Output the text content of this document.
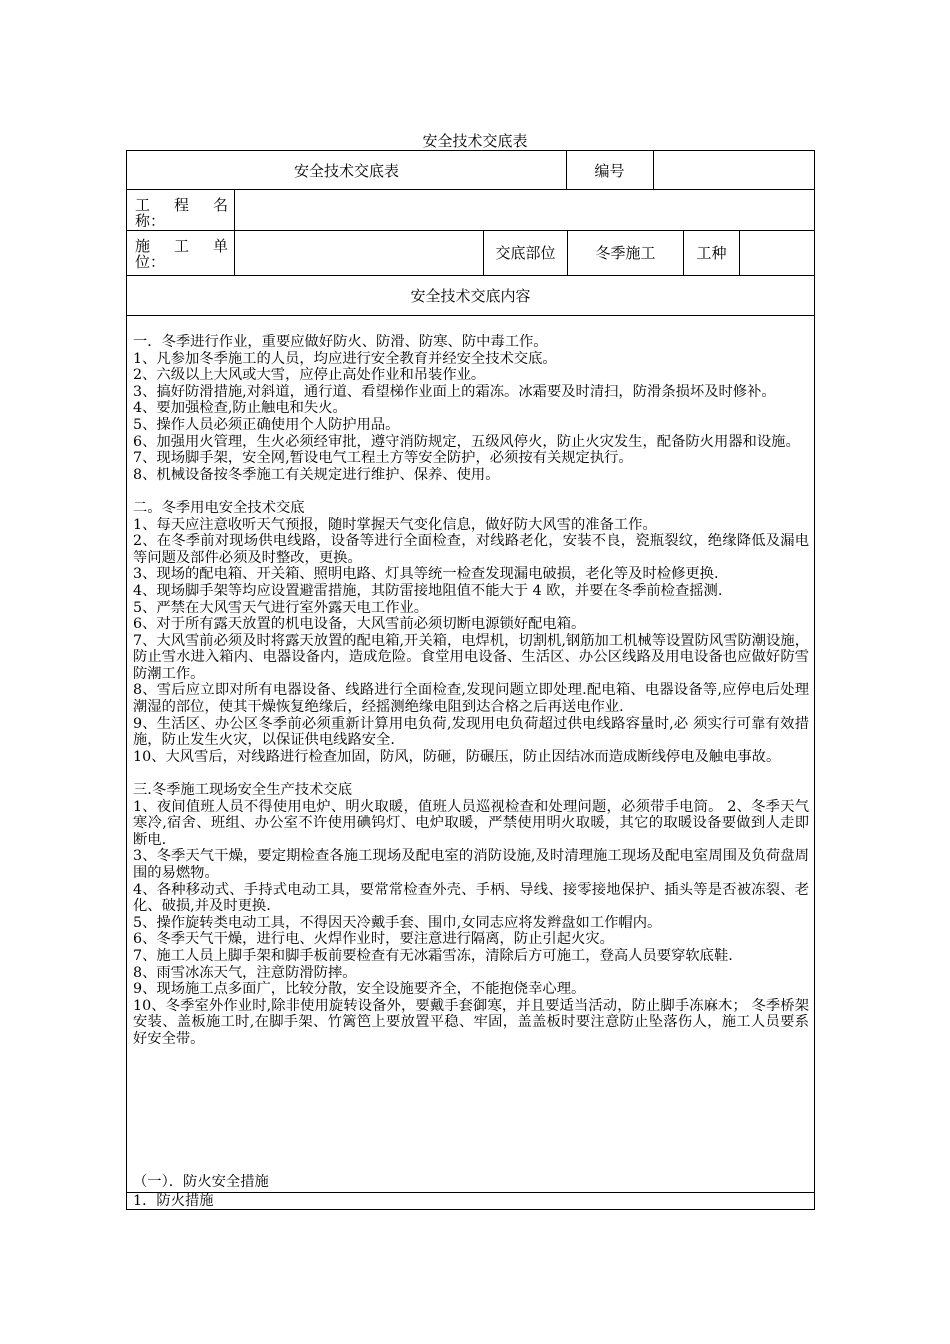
安全技术交底表
安全技术交底表	编号
工 程 名
称：
施 工 单
位：	交底部位	冬季施工	工种
安全技术交底内容

一．冬季进行作业，重要应做好防火、防滑、防寒、防中毒工作。

1、凡参加冬季施工的人员，均应进行安全教育并经安全技术交底。

2、六级以上大风或大雪，应停止高处作业和吊装作业。

3、搞好防滑措施,对斜道，通行道、看望梯作业面上的霜冻。冰霜要及时清扫，防滑条损坏及时修补。

4、要加强检查,防止触电和失火。

5、操作人员必须正确使用个人防护用品。

6、加强用火管理，生火必须经审批，遵守消防规定，五级风停火，防止火灾发生，配备防火用器和设施。

7、现场脚手架，安全网,暂设电气工程土方等安全防护，必须按有关规定执行。

8、机械设备按冬季施工有关规定进行维护、保养、使用。

二。冬季用电安全技术交底

1、每天应注意收听天气预报，随时掌握天气变化信息，做好防大风雪的准备工作。

2、在冬季前对现场供电线路，设备等进行全面检查，对线路老化，安装不良，瓷瓶裂纹，绝缘降低及漏电等问题及部件必须及时整改，更换。

3、现场的配电箱、开关箱、照明电路、灯具等统一检查发现漏电破损，老化等及时检修更换.

4、现场脚手架等均应设置避雷措施，其防雷接地阻值不能大于 4 欧，并要在冬季前检查摇测.

5、严禁在大风雪天气进行室外露天电工作业。

6、对于所有露天放置的机电设备，大风雪前必须切断电源锁好配电箱。

7、大风雪前必须及时将露天放置的配电箱,开关箱，电焊机，切割机,钢筋加工机械等设置防风雪防潮设施，防止雪水进入箱内、电器设备内，造成危险。食堂用电设备、生活区、办公区线路及用电设备也应做好防雪防潮工作。

8、雪后应立即对所有电器设备、线路进行全面检查,发现问题立即处理.配电箱、电器设备等,应停电后处理潮湿的部位，使其干燥恢复绝缘后，经摇测绝缘电阻到达合格之后再送电作业.

9、生活区、办公区冬季前必须重新计算用电负荷,发现用电负荷超过供电线路容量时,必 须实行可靠有效措施，防止发生火灾，以保证供电线路安全.

10、大风雪后，对线路进行检查加固，防风，防砸，防碾压，防止因结冰而造成断线停电及触电事故。

三.冬季施工现场安全生产技术交底

1、夜间值班人员不得使用电炉、明火取暖，值班人员巡视检查和处理问题，必须带手电筒。 2、冬季天气寒冷,宿舍、班组、办公室不许使用碘钨灯、电炉取暖，严禁使用明火取暖，其它的取暖设备要做到人走即断电.

3、冬季天气干燥，要定期检查各施工现场及配电室的消防设施,及时清理施工现场及配电室周围及负荷盘周围的易燃物。

4、各种移动式、手持式电动工具，要常常检查外壳、手柄、导线、接零接地保护、插头等是否被冻裂、老化、破损,并及时更换.

5、操作旋转类电动工具，不得因天冷戴手套、围巾,女同志应将发辫盘如工作帽内。

6、冬季天气干燥，进行电、火焊作业时，要注意进行隔离，防止引起火灾。

7、施工人员上脚手架和脚手板前要检查有无冰霜雪冻，清除后方可施工，登高人员要穿软底鞋.

8、雨雪冰冻天气，注意防滑防摔。

9、现场施工点多面广，比较分散，安全设施要齐全，不能抱侥幸心理。

10、冬季室外作业时,除非使用旋转设备外，要戴手套御寒，并且要适当活动，防止脚手冻麻木； 冬季桥架安装、盖板施工时,在脚手架、竹篱笆上要放置平稳、牢固，盖盖板时要注意防止坠落伤人，施工人员要系好安全带。

（一）．防火安全措施
1．防火措施
